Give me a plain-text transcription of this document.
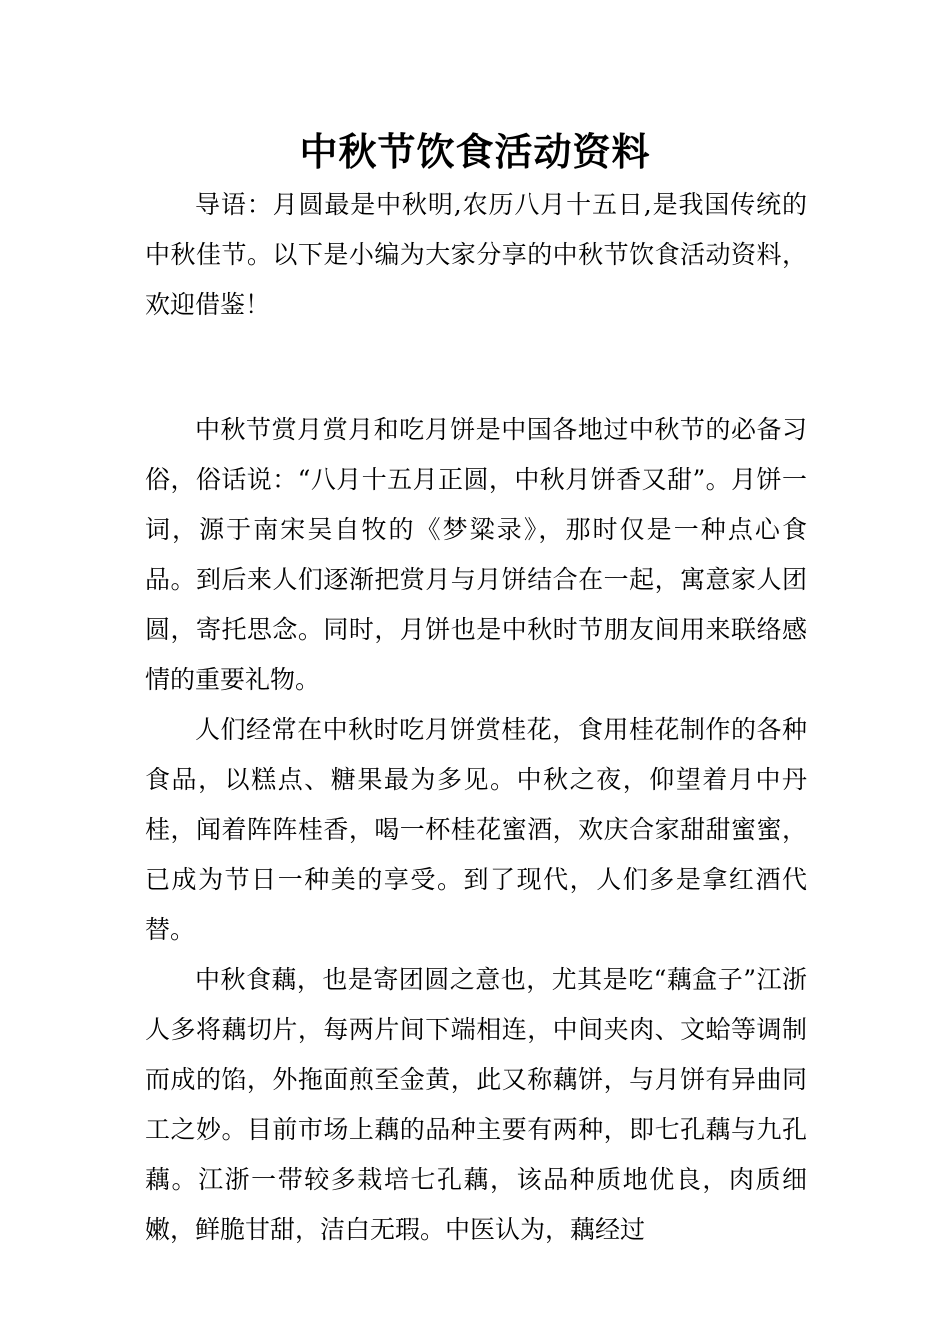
中秋节饮食活动资料

导语：月圆最是中秋明,农历八月十五日,是我国传统的中秋佳节。以下是小编为大家分享的中秋节饮食活动资料，欢迎借鉴！

中秋节赏月赏月和吃月饼是中国各地过中秋节的必备习俗，俗话说：“八月十五月正圆，中秋月饼香又甜”。月饼一词，源于南宋吴自牧的《梦粱录》，那时仅是一种点心食品。到后来人们逐渐把赏月与月饼结合在一起，寓意家人团圆，寄托思念。同时，月饼也是中秋时节朋友间用来联络感情的重要礼物。

人们经常在中秋时吃月饼赏桂花，食用桂花制作的各种食品，以糕点、糖果最为多见。中秋之夜，仰望着月中丹桂，闻着阵阵桂香，喝一杯桂花蜜酒，欢庆合家甜甜蜜蜜，已成为节日一种美的享受。到了现代，人们多是拿红酒代替。

中秋食藕，也是寄团圆之意也，尤其是吃“藕盒子”江浙人多将藕切片，每两片间下端相连，中间夹肉、文蛤等调制而成的馅，外拖面煎至金黄，此又称藕饼，与月饼有异曲同工之妙。目前市场上藕的品种主要有两种，即七孔藕与九孔藕。江浙一带较多栽培七孔藕，该品种质地优良，肉质细嫩，鲜脆甘甜，洁白无瑕。中医认为，藕经过
